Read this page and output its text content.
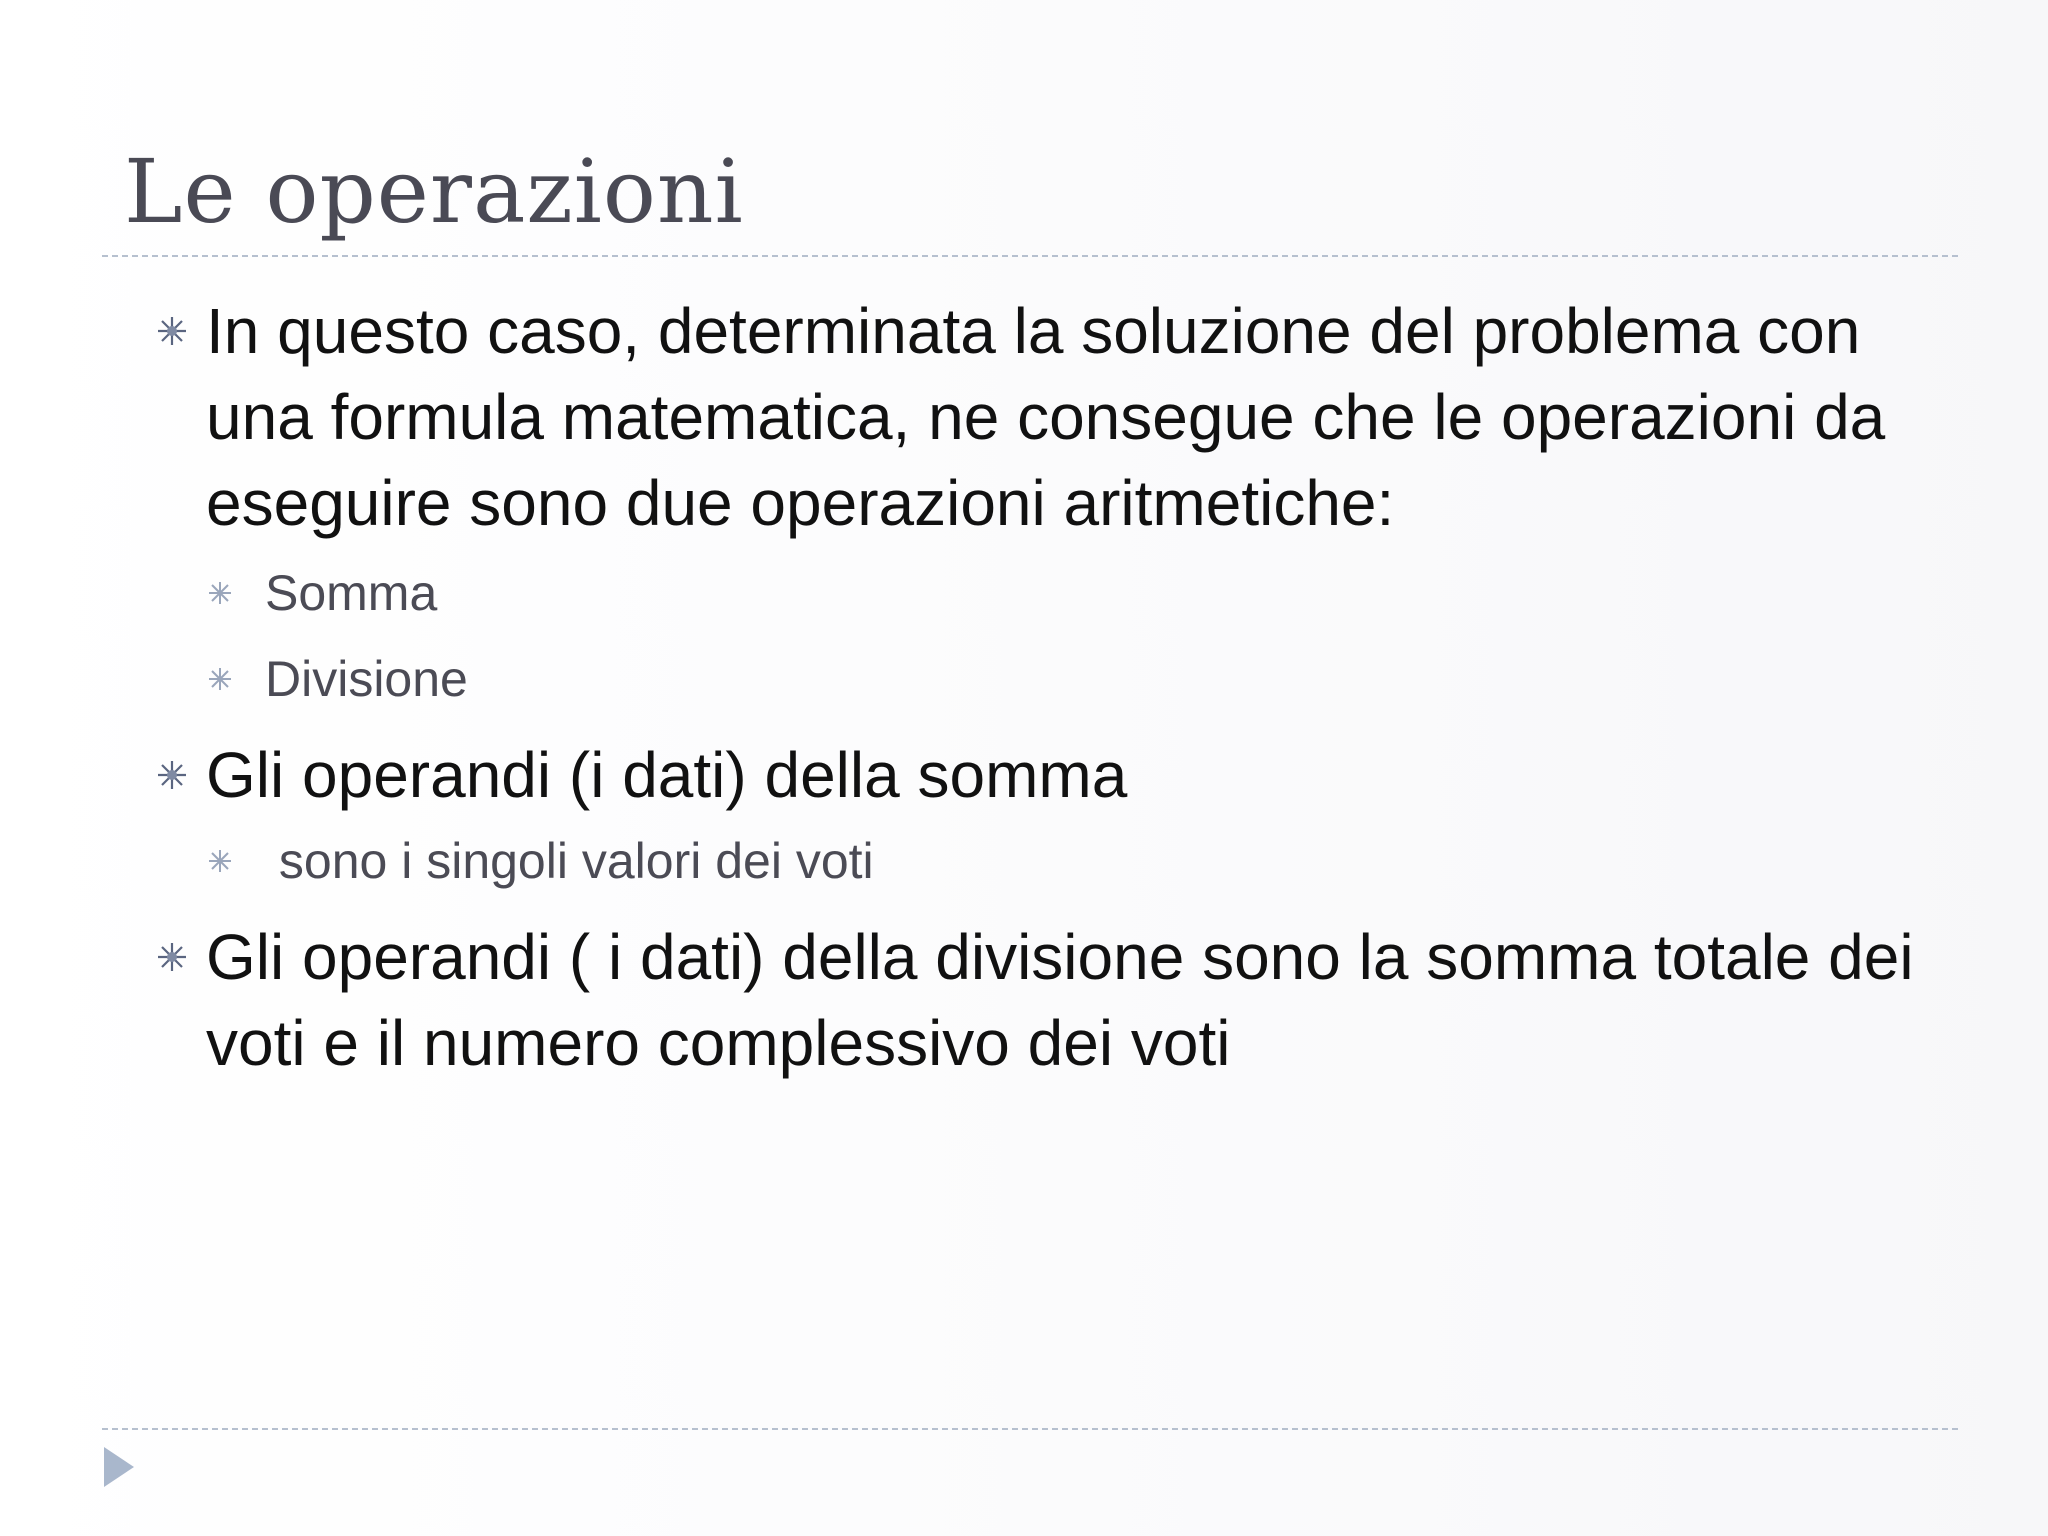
Le operazioni
In questo caso, determinata la soluzione del problema con una formula matematica, ne consegue che le operazioni da eseguire sono due operazioni aritmetiche:
Somma
Divisione
Gli operandi (i dati) della somma
sono i singoli valori dei voti
Gli operandi ( i dati) della divisione sono la somma totale dei voti e il numero complessivo dei voti
